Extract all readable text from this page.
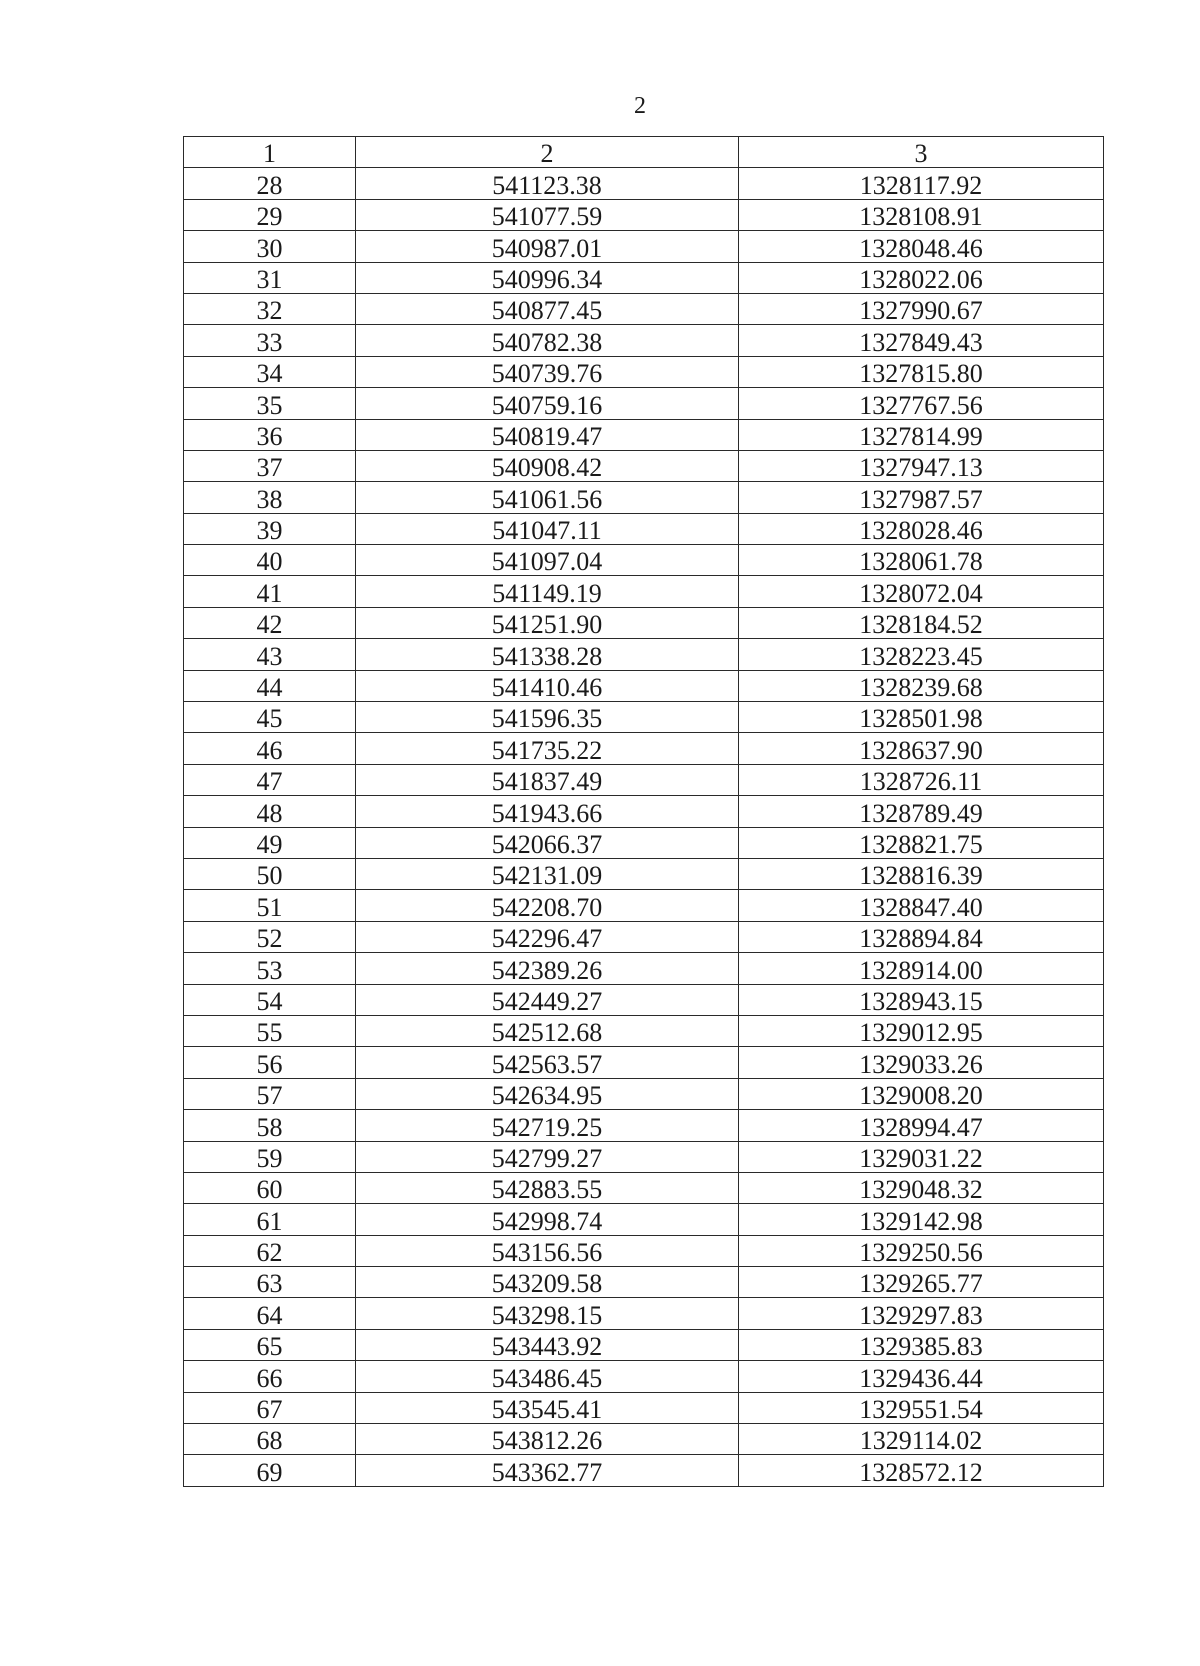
2
1	2	3
28	541123.38	1328117.92
29	541077.59	1328108.91
30	540987.01	1328048.46
31	540996.34	1328022.06
32	540877.45	1327990.67
33	540782.38	1327849.43
34	540739.76	1327815.80
35	540759.16	1327767.56
36	540819.47	1327814.99
37	540908.42	1327947.13
38	541061.56	1327987.57
39	541047.11	1328028.46
40	541097.04	1328061.78
41	541149.19	1328072.04
42	541251.90	1328184.52
43	541338.28	1328223.45
44	541410.46	1328239.68
45	541596.35	1328501.98
46	541735.22	1328637.90
47	541837.49	1328726.11
48	541943.66	1328789.49
49	542066.37	1328821.75
50	542131.09	1328816.39
51	542208.70	1328847.40
52	542296.47	1328894.84
53	542389.26	1328914.00
54	542449.27	1328943.15
55	542512.68	1329012.95
56	542563.57	1329033.26
57	542634.95	1329008.20
58	542719.25	1328994.47
59	542799.27	1329031.22
60	542883.55	1329048.32
61	542998.74	1329142.98
62	543156.56	1329250.56
63	543209.58	1329265.77
64	543298.15	1329297.83
65	543443.92	1329385.83
66	543486.45	1329436.44
67	543545.41	1329551.54
68	543812.26	1329114.02
69	543362.77	1328572.12
